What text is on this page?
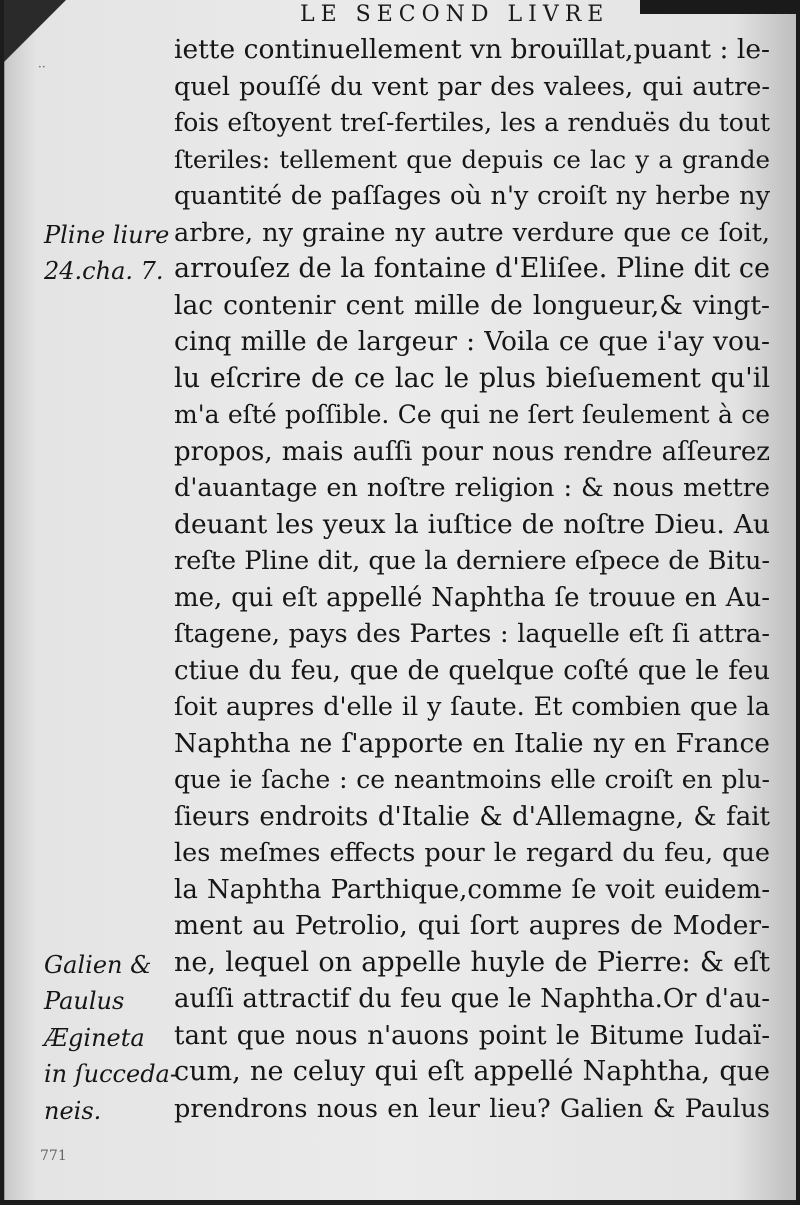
LE SECOND LIVRE
iette continuellement vn brouïllat,puant : le-
quel pouſſé du vent par des valees, qui autre-
fois eſtoyent treſ-fertiles, les a renduës du tout
ſteriles: tellement que depuis ce lac y a grande
quantité de paſſages où n'y croiſt ny herbe ny
arbre, ny graine ny autre verdure que ce ſoit,
arrouſez de la fontaine d'Eliſee. Pline dit ce
lac contenir cent mille de longueur,& vingt-
cinq mille de largeur : Voila ce que i'ay vou-
lu eſcrire de ce lac le plus bieſuement qu'il
m'a eſté poſſible. Ce qui ne ſert ſeulement à ce
propos, mais auſſi pour nous rendre aſſeurez
d'auantage en noſtre religion : & nous mettre
deuant les yeux la iuſtice de noſtre Dieu. Au
reſte Pline dit, que la derniere eſpece de Bitu-
me, qui eſt appellé Naphtha ſe trouue en Au-
ſtagene, pays des Partes : laquelle eſt ſi attra-
ctiue du feu, que de quelque coſté que le feu
ſoit aupres d'elle il y ſaute. Et combien que la
Naphtha ne ſ'apporte en Italie ny en France
que ie ſache : ce neantmoins elle croiſt en plu-
ſieurs endroits d'Italie & d'Allemagne, & fait
les meſmes effects pour le regard du feu, que
la Naphtha Parthique,comme ſe voit euidem-
ment au Petrolio, qui ſort aupres de Moder-
ne, lequel on appelle huyle de Pierre: & eſt
auſſi attractif du feu que le Naphtha.Or d'au-
tant que nous n'auons point le Bitume Iudaï-
cum, ne celuy qui eſt appellé Naphtha, que
prendrons nous en leur lieu? Galien & Paulus
Pline liure
24.cha. 7.
Galien &
Paulus
Ægineta
in ſucceda-
neis.
··
771
